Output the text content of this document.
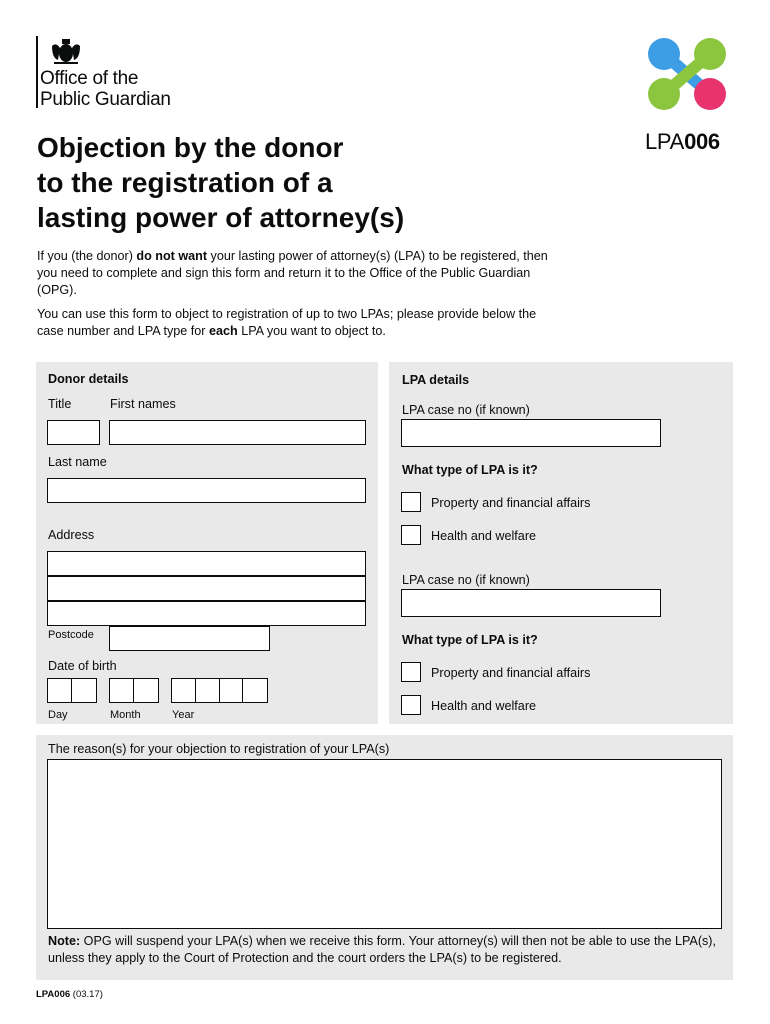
Office of the
Public Guardian
LPA006
Objection by the donor
to the registration of a
lasting power of attorney(s)
If you (the donor) do not want your lasting power of attorney(s) (LPA) to be registered, then you need to complete and sign this form and return it to the Office of the Public Guardian (OPG).
You can use this form to object to registration of up to two LPAs; please provide below the case number and LPA type for each LPA you want to object to.
Donor details
Title	First names
Last name
Address
Postcode
Date of birth
Day	Month	Year
LPA details
LPA case no (if known)
What type of LPA is it?
Property and financial affairs
Health and welfare
LPA case no (if known)
What type of LPA is it?
Property and financial affairs
Health and welfare
The reason(s) for your objection to registration of your LPA(s)
Note: OPG will suspend your LPA(s) when we receive this form. Your attorney(s) will then not be able to use the LPA(s), unless they apply to the Court of Protection and the court orders the LPA(s) to be registered.
LPA006 (03.17)
